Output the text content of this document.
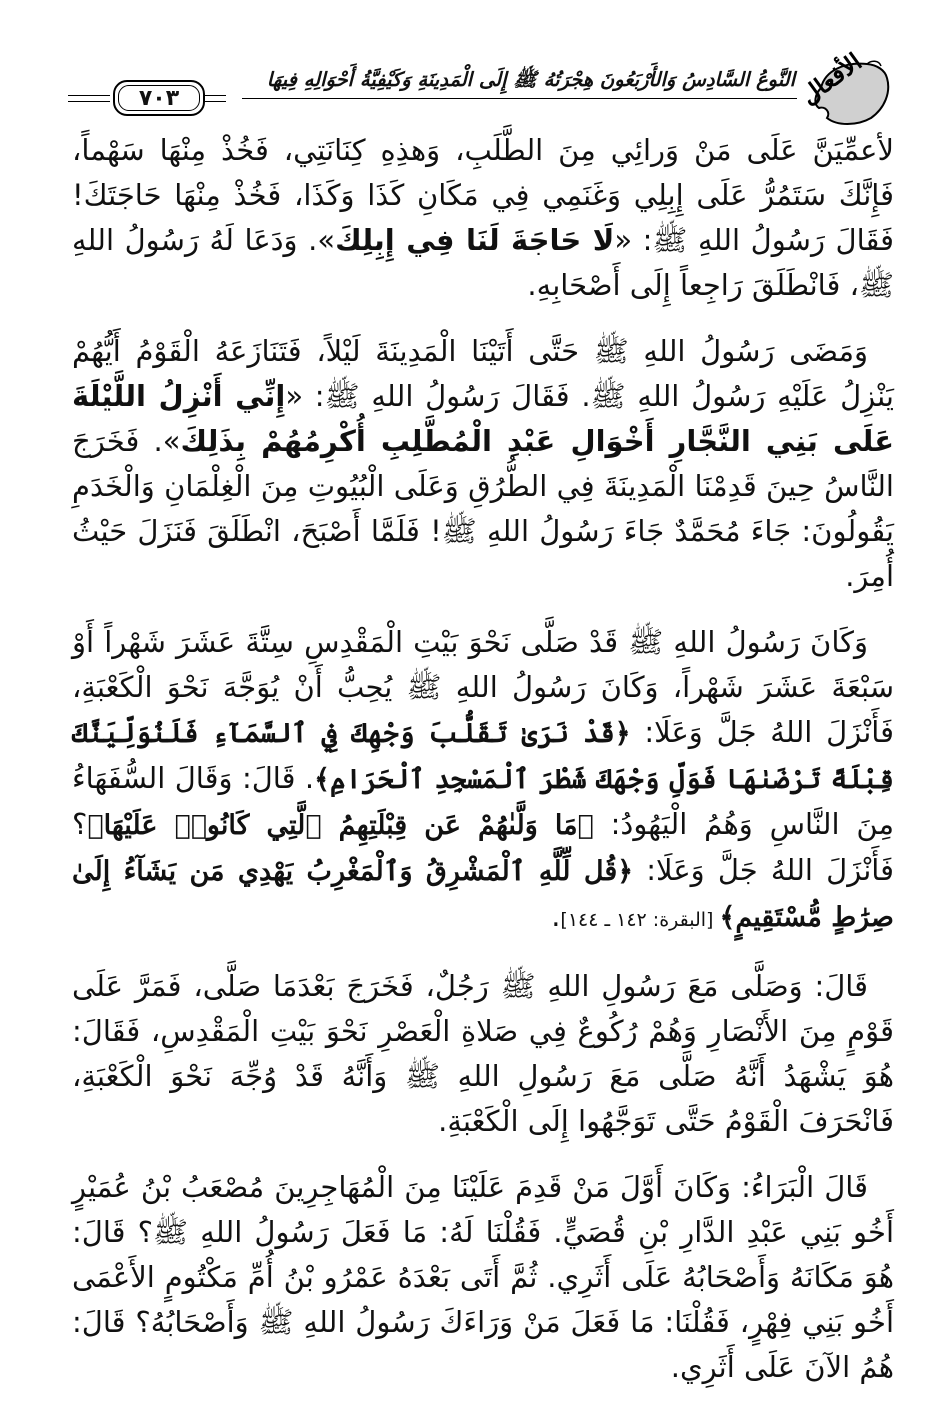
الأفعال
النَّوعُ السَّادِسُ وَالأَرْبَعُونَ هِجْرَتُهُ ﷺ إِلَى الْمَدِينَةِ وَكَيْفِيَّةُ أَحْوَالِهِ فِيهَا
٧٠٣

لأعمِّيَنَّ عَلَى مَنْ وَرائِي مِنَ الطَّلَبِ، وَهذِهِ كِنَانَتِي، فَخُذْ مِنْهَا سَهْماً، فَإِنَّكَ سَتَمُرُّ عَلَى إِبِلِي وَغَنَمِي فِي مَكَانِ كَذَا وَكَذَا، فَخُذْ مِنْهَا حَاجَتَكَ! فَقَالَ رَسُولُ اللهِ ﷺ: «لَا حَاجَةَ لَنَا فِي إِبِلِكَ». وَدَعَا لَهُ رَسُولُ اللهِ ﷺ، فَانْطَلَقَ رَاجِعاً إِلَى أَصْحَابِهِ.

وَمَضَى رَسُولُ اللهِ ﷺ حَتَّى أَتَيْنَا الْمَدِينَةَ لَيْلاً، فَتَنَازَعَهُ الْقَوْمُ أَيُّهُمْ يَنْزِلُ عَلَيْهِ رَسُولُ اللهِ ﷺ. فَقَالَ رَسُولُ اللهِ ﷺ: «إِنِّي أَنْزِلُ اللَّيْلَةَ عَلَى بَنِي النَّجَّارِ أَخْوَالِ عَبْدِ الْمُطَّلِبِ أُكْرِمُهُمْ بِذَلِكَ». فَخَرَجَ النَّاسُ حِينَ قَدِمْنَا الْمَدِينَةَ فِي الطُّرُقِ وَعَلَى الْبُيُوتِ مِنَ الْغِلْمَانِ وَالْخَدَمِ يَقُولُونَ: جَاءَ مُحَمَّدٌ جَاءَ رَسُولُ اللهِ ﷺ! فَلَمَّا أَصْبَحَ، انْطَلَقَ فَنَزَلَ حَيْثُ أُمِرَ.

وَكَانَ رَسُولُ اللهِ ﷺ قَدْ صَلَّى نَحْوَ بَيْتِ الْمَقْدِسِ سِتَّةَ عَشَرَ شَهْراً أَوْ سَبْعَةَ عَشَرَ شَهْراً، وَكَانَ رَسُولُ اللهِ ﷺ يُحِبُّ أَنْ يُوَجَّهَ نَحْوَ الْكَعْبَةِ، فَأَنْزَلَ اللهُ جَلَّ وَعَلَا: ﴿قَدْ نَرَىٰ تَقَلُّبَ وَجْهِكَ فِي ٱلسَّمَآءِ فَلَنُوَلِّيَنَّكَ قِبْلَةً تَرْضَىٰهَا فَوَلِّ وَجْهَكَ شَطْرَ ٱلْمَسْجِدِ ٱلْحَرَامِ﴾. قَالَ: وَقَالَ السُّفَهَاءُ مِنَ النَّاسِ وَهُمُ الْيَهُودُ: ﴿مَا وَلَّىٰهُمْ عَن قِبْلَتِهِمُ ٱلَّتِي كَانُوا۟ عَلَيْهَا﴾؟ فَأَنْزَلَ اللهُ جَلَّ وَعَلَا: ﴿قُل لِّلَّهِ ٱلْمَشْرِقُ وَٱلْمَغْرِبُ يَهْدِي مَن يَشَآءُ إِلَىٰ صِرَٰطٍ مُّسْتَقِيمٍ﴾ [البقرة: ١٤٢ ـ ١٤٤].

قَالَ: وَصَلَّى مَعَ رَسُولِ اللهِ ﷺ رَجُلٌ، فَخَرَجَ بَعْدَمَا صَلَّى، فَمَرَّ عَلَى قَوْمٍ مِنَ الأَنْصَارِ وَهُمْ رُكُوعٌ فِي صَلاةِ الْعَصْرِ نَحْوَ بَيْتِ الْمَقْدِسِ، فَقَالَ: هُوَ يَشْهَدُ أَنَّهُ صَلَّى مَعَ رَسُولِ اللهِ ﷺ وَأَنَّهُ قَدْ وُجِّهَ نَحْوَ الْكَعْبَةِ، فَانْحَرَفَ الْقَوْمُ حَتَّى تَوَجَّهُوا إِلَى الْكَعْبَةِ.

قَالَ الْبَرَاءُ: وَكَانَ أَوَّلَ مَنْ قَدِمَ عَلَيْنَا مِنَ الْمُهَاجِرِينَ مُصْعَبُ بْنُ عُمَيْرٍ أَخُو بَنِي عَبْدِ الدَّارِ بْنِ قُصَيٍّ. فَقُلْنَا لَهُ: مَا فَعَلَ رَسُولُ اللهِ ﷺ؟ قَالَ: هُوَ مَكَانَهُ وَأَصْحَابُهُ عَلَى أَثَرِي. ثُمَّ أَتَى بَعْدَهُ عَمْرُو بْنُ أُمِّ مَكْتُومٍ الأَعْمَى أَخُو بَنِي فِهْرٍ، فَقُلْنَا: مَا فَعَلَ مَنْ وَرَاءَكَ رَسُولُ اللهِ ﷺ وَأَصْحَابُهُ؟ قَالَ: هُمُ الآنَ عَلَى أَثَرِي.
